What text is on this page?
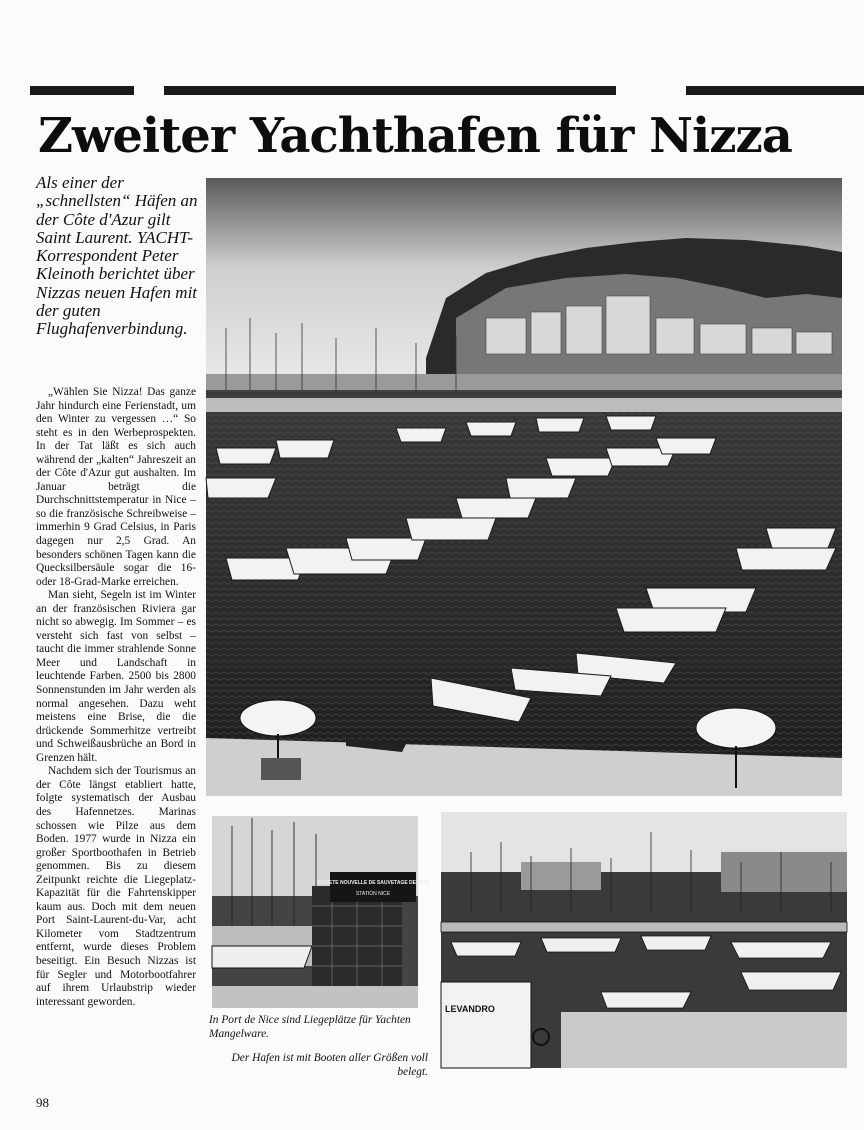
Zweiter Yachthafen für Nizza
Als einer der „schnellsten“ Häfen an der Côte d'Azur gilt Saint Laurent. YACHT-Korrespondent Peter Kleinoth berichtet über Nizzas neuen Hafen mit der guten Flughafenverbindung.

„Wählen Sie Nizza! Das ganze Jahr hindurch eine Ferienstadt, um den Winter zu vergessen …“ So steht es in den Werbeprospekten. In der Tat läßt es sich auch während der „kalten“ Jahreszeit an der Côte d'Azur gut aushalten. Im Januar beträgt die Durchschnittstemperatur in Nice – so die französische Schreibweise – immerhin 9 Grad Celsius, in Paris dagegen nur 2,5 Grad. An besonders schönen Tagen kann die Quecksilbersäule sogar die 16- oder 18-Grad-Marke erreichen.

Man sieht, Segeln ist im Winter an der französischen Riviera gar nicht so abwegig. Im Sommer – es versteht sich fast von selbst – taucht die immer strahlende Sonne Meer und Landschaft in leuchtende Farben. 2500 bis 2800 Sonnenstunden im Jahr werden als normal angesehen. Dazu weht meistens eine Brise, die die drückende Sommerhitze vertreibt und Schweißausbrüche an Bord in Grenzen hält.

Nachdem sich der Tourismus an der Côte längst etabliert hatte, folgte systematisch der Ausbau des Hafennetzes. Marinas schossen wie Pilze aus dem Boden. 1977 wurde in Nizza ein großer Sportboothafen in Betrieb genommen. Bis zu diesem Zeitpunkt reichte die Liegeplatz-Kapazität für die Fahrtenskipper kaum aus. Doch mit dem neuen Port Saint-Laurent-du-Var, acht Kilometer vom Stadtzentrum entfernt, wurde dieses Problem beseitigt. Ein Besuch Nizzas ist für Segler und Motorbootfahrer auf ihrem Urlaubstrip wieder interessant geworden.

SOCIETE NOUVELLE DE SAUVETAGE DE NICE
STATION NICE
LEVANDRO
In Port de Nice sind Liegeplätze für Yachten Mangelware.
Der Hafen ist mit Booten aller Größen voll belegt.
98
